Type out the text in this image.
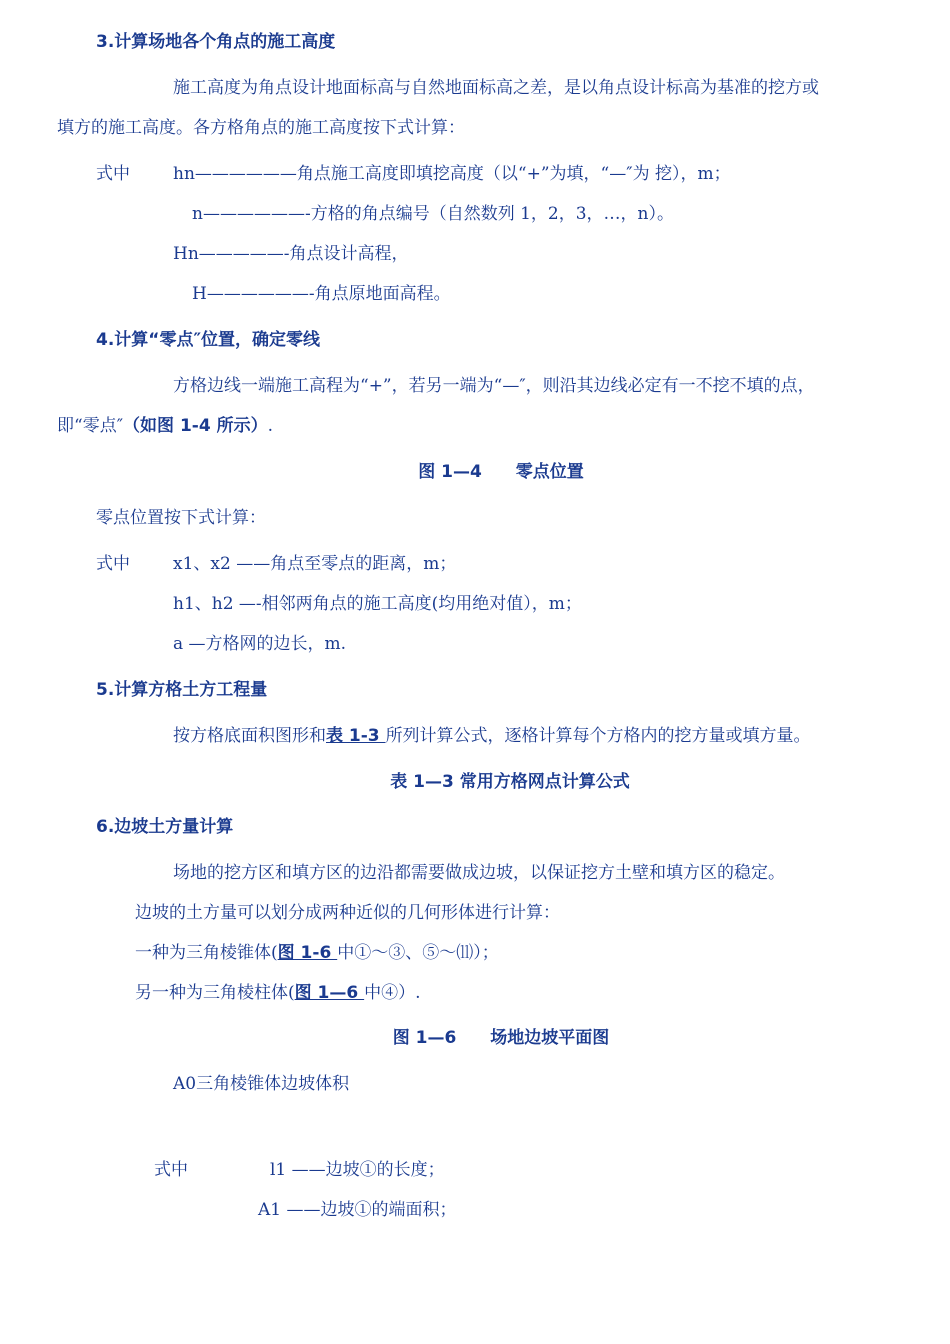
3.计算场地各个角点的施工高度
施工高度为角点设计地面标高与自然地面标高之差，是以角点设计标高为基准的挖方或
填方的施工高度。各方格角点的施工高度按下式计算：
式中	hn——————角点施工高度即填挖高度（以“+”为填，“—″为 挖），m；
n——————-方格的角点编号（自然数列 1，2，3，…，n）。
Hn—————-角点设计高程，
H——————-角点原地面高程。
4.计算“零点″位置，确定零线
方格边线一端施工高程为“+”，若另一端为“—″，则沿其边线必定有一不挖不填的点，
即“零点″（如图 1-4 所示）.
图 1—4　　零点位置
零点位置按下式计算：
式中	x1、x2 ——角点至零点的距离，m；
h1、h2 —-相邻两角点的施工高度(均用绝对值），m；
a —方格网的边长，m.
5.计算方格土方工程量
按方格底面积图形和表 1-3 所列计算公式，逐格计算每个方格内的挖方量或填方量。
表 1—3 常用方格网点计算公式
6.边坡土方量计算
场地的挖方区和填方区的边沿都需要做成边坡，以保证挖方土壁和填方区的稳定。
边坡的土方量可以划分成两种近似的几何形体进行计算：
一种为三角棱锥体(图 1-6 中①～③、⑤～⑾）；
另一种为三角棱柱体(图 1—6 中④）.
图 1—6　　场地边坡平面图
A0三角棱锥体边坡体积
式中	l1 ——边坡①的长度；
A1 ——边坡①的端面积；
